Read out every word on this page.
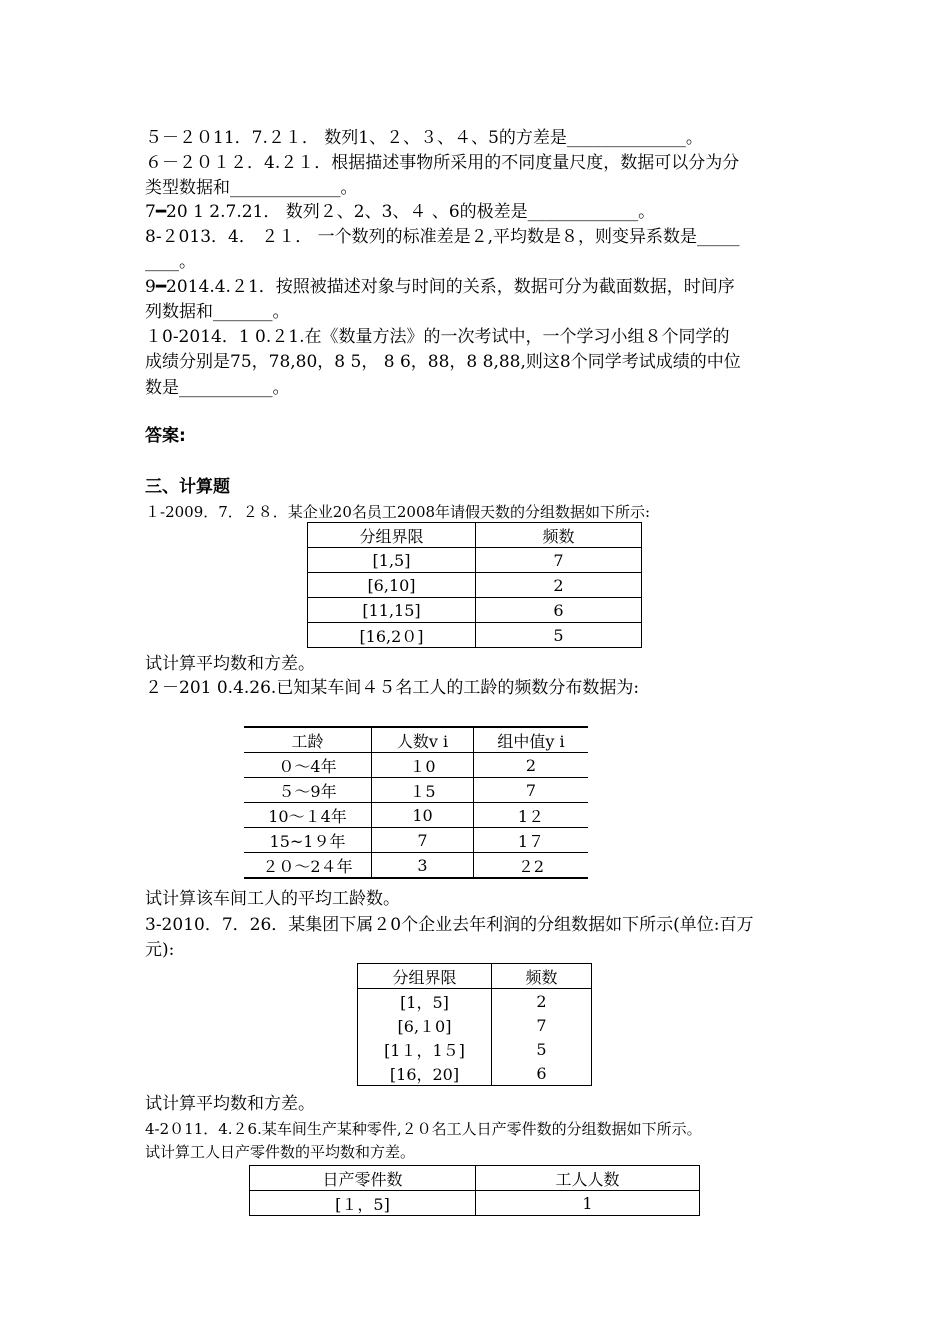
５－２０11．7.２１． 数列1、２、３、４、5的方差是______________。
６－２０１２．4.２１．根据描述事物所采用的不同度量尺度，数据可以分为分
类型数据和_____________。
7━20 1 2.7.21． 数列２、2、3、４ 、6的极差是_____________。
8-２013．4． ２１． 一个数列的标准差是２,平均数是８，则变异系数是_____
____。
9━2014.4.２1．按照被描述对象与时间的关系，数据可分为截面数据，时间序
列数据和_______。
１0-2014．1 0.２1.在《数量方法》的一次考试中，一个学习小组８个同学的
成绩分别是75，78,80，8 5， 8 6，88，8 8,88,则这8个同学考试成绩的中位
数是___________。
答案:
三、计算题
１-2009．7．２８．某企业20名员工2008年请假天数的分组数据如下所示:
分组界限	频数
[1,5]	7
[6,10]	2
[11,15]	6
[16,2０]	5
试计算平均数和方差。
２－201 0.4.26.已知某车间４５名工人的工龄的频数分布数据为:
工龄	人数v i	组中值y i
０～4年	１0	2
５～9年	１5	7
10～１4年	10	1２
15~1９年	7	1７
２０～2４年	3	２2
试计算该车间工人的平均工龄数。
3-2010．7．26．某集团下属２0个企业去年利润的分组数据如下所示(单位:百万
元):
分组界限	频数
[1，5]	2
[6,１0]	7
[1１，1５]	5
[16，20]	6
试计算平均数和方差。
4-2０11．4.２6.某车间生产某种零件,２０名工人日产零件数的分组数据如下所示。
试计算工人日产零件数的平均数和方差。
日产零件数	工人人数
[１，5]	1
